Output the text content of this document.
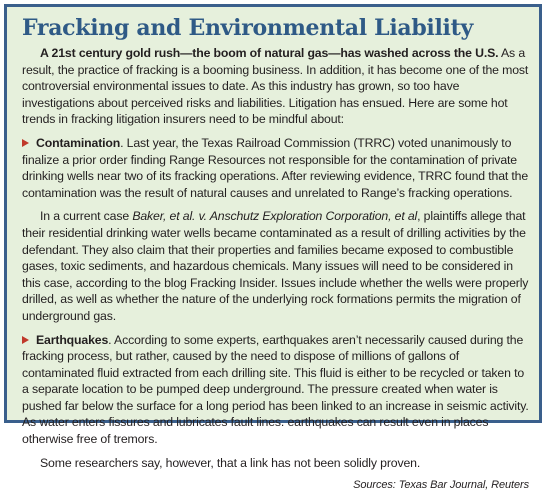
Fracking and Environmental Liability

A 21st century gold rush—the boom of natural gas—has washed across the U.S. As a result, the practice of fracking is a booming business. In addition, it has become one of the most controversial environmental issues to date. As this industry has grown, so too have investigations about perceived risks and liabilities. Litigation has ensued. Here are some hot trends in fracking litigation insurers need to be mindful about:

Contamination. Last year, the Texas Railroad Commission (TRRC) voted unanimously to finalize a prior order finding Range Resources not responsible for the contamination of private drinking wells near two of its fracking operations. After reviewing evidence, TRRC found that the contamination was the result of natural causes and unrelated to Range’s fracking operations.

In a current case Baker, et al. v. Anschutz Exploration Corporation, et al, plaintiffs allege that their residential drinking water wells became contaminated as a result of drilling activities by the defendant. They also claim that their properties and families became exposed to combustible gases, toxic sediments, and hazardous chemicals. Many issues will need to be considered in this case, according to the blog Fracking Insider. Issues include whether the wells were properly drilled, as well as whether the nature of the underlying rock formations permits the migration of underground gas.

Earthquakes. According to some experts, earthquakes aren’t necessarily caused during the fracking process, but rather, caused by the need to dispose of millions of gallons of contaminated fluid extracted from each drilling site. This fluid is either to be recycled or taken to a separate location to be pumped deep underground. The pressure created when water is pushed far below the surface for a long period has been linked to an increase in seismic activity. As water enters fissures and lubricates fault lines. earthquakes can result even in places otherwise free of tremors.

Some researchers say, however, that a link has not been solidly proven.

Sources: Texas Bar Journal, Reuters
